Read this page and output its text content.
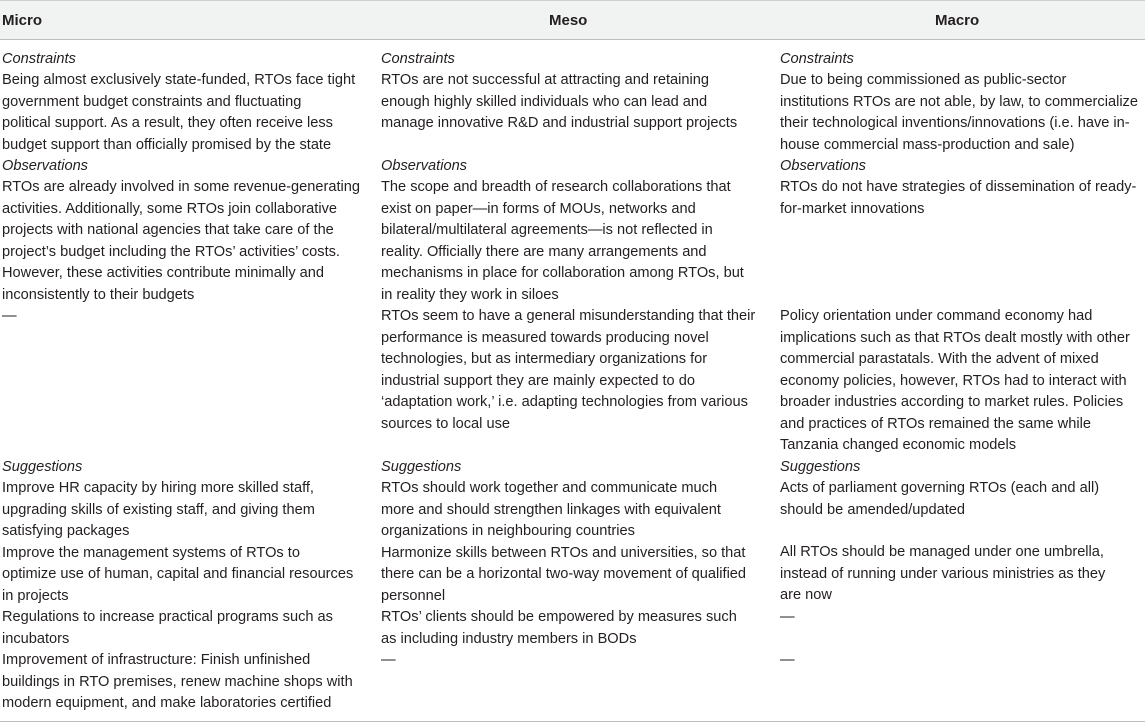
Micro	Meso	Macro
Constraints
Being almost exclusively state-funded, RTOs face tight
government budget constraints and fluctuating
political support. As a result, they often receive less
budget support than officially promised by the state
Observations
RTOs are already involved in some revenue-generating
activities. Additionally, some RTOs join collaborative
projects with national agencies that take care of the
project’s budget including the RTOs’ activities’ costs.
However, these activities contribute minimally and
inconsistently to their budgets
—
Suggestions
Improve HR capacity by hiring more skilled staff,
upgrading skills of existing staff, and giving them
satisfying packages
Improve the management systems of RTOs to
optimize use of human, capital and financial resources
in projects
Regulations to increase practical programs such as
incubators
Improvement of infrastructure: Finish unfinished
buildings in RTO premises, renew machine shops with
modern equipment, and make laboratories certified
Constraints
RTOs are not successful at attracting and retaining
enough highly skilled individuals who can lead and
manage innovative R&D and industrial support projects
Observations
The scope and breadth of research collaborations that
exist on paper—in forms of MOUs, networks and
bilateral/multilateral agreements—is not reflected in
reality. Officially there are many arrangements and
mechanisms in place for collaboration among RTOs, but
in reality they work in siloes
RTOs seem to have a general misunderstanding that their
performance is measured towards producing novel
technologies, but as intermediary organizations for
industrial support they are mainly expected to do
‘adaptation work,’ i.e. adapting technologies from various
sources to local use
Suggestions
RTOs should work together and communicate much
more and should strengthen linkages with equivalent
organizations in neighbouring countries
Harmonize skills between RTOs and universities, so that
there can be a horizontal two-way movement of qualified
personnel
RTOs’ clients should be empowered by measures such
as including industry members in BODs
—
Constraints
Due to being commissioned as public-sector
institutions RTOs are not able, by law, to commercialize
their technological inventions/innovations (i.e. have in-
house commercial mass-production and sale)
Observations
RTOs do not have strategies of dissemination of ready-
for-market innovations
Policy orientation under command economy had
implications such as that RTOs dealt mostly with other
commercial parastatals. With the advent of mixed
economy policies, however, RTOs had to interact with
broader industries according to market rules. Policies
and practices of RTOs remained the same while
Tanzania changed economic models
Suggestions
Acts of parliament governing RTOs (each and all)
should be amended/updated
All RTOs should be managed under one umbrella,
instead of running under various ministries as they
are now
—
—
